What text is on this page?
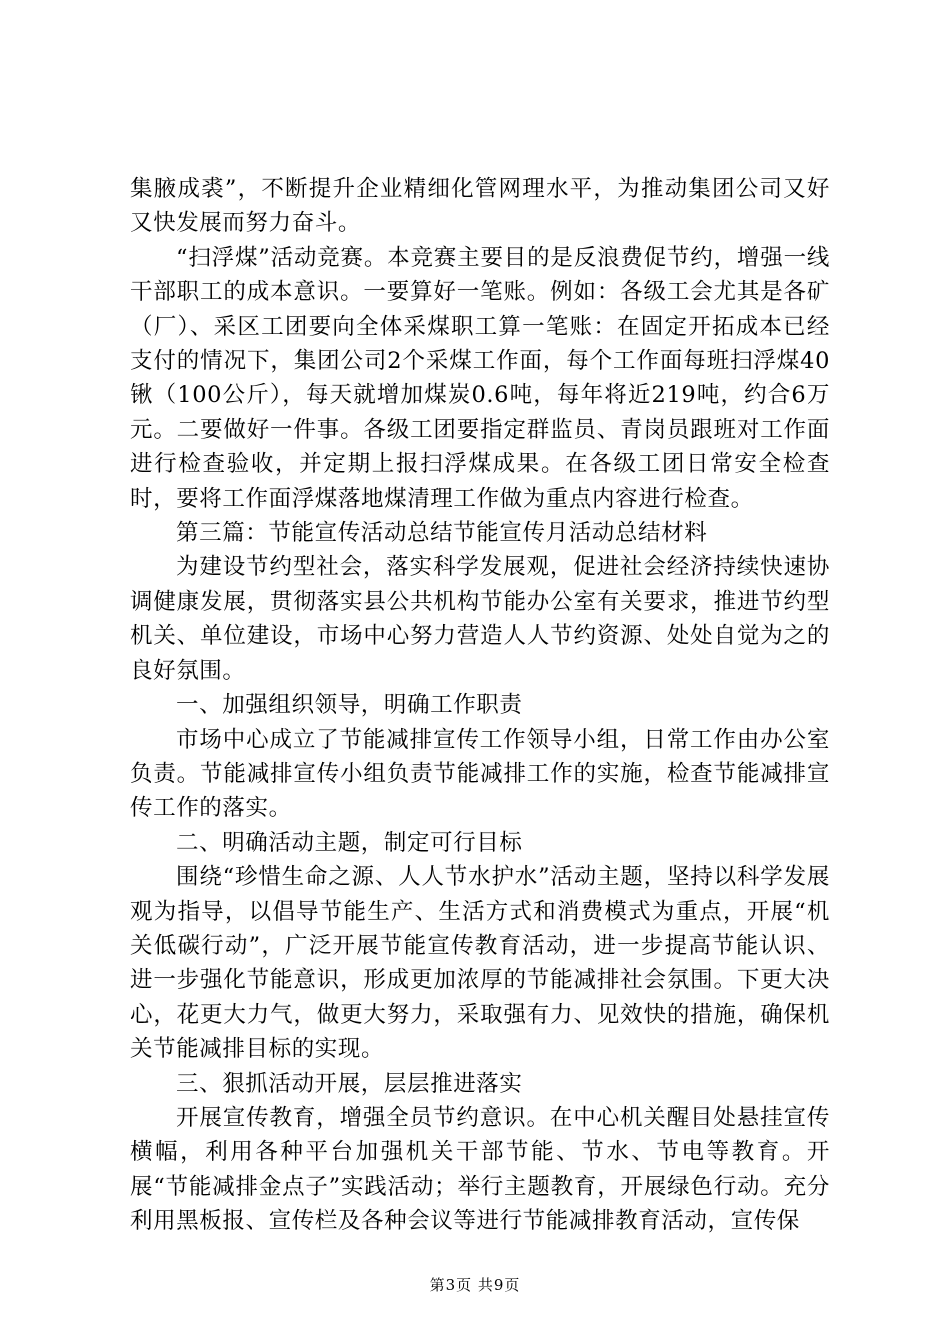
集腋成裘”，不断提升企业精细化管网理水平，为推动集团公司又好又快发展而努力奋斗。

“扫浮煤”活动竞赛。本竞赛主要目的是反浪费促节约，增强一线干部职工的成本意识。一要算好一笔账。例如：各级工会尤其是各矿（厂）、采区工团要向全体采煤职工算一笔账：在固定开拓成本已经支付的情况下，集团公司2个采煤工作面，每个工作面每班扫浮煤40锹（100公斤），每天就增加煤炭0.6吨，每年将近219吨，约合6万元。二要做好一件事。各级工团要指定群监员、青岗员跟班对工作面进行检查验收，并定期上报扫浮煤成果。在各级工团日常安全检查时，要将工作面浮煤落地煤清理工作做为重点内容进行检查。

第三篇：节能宣传活动总结节能宣传月活动总结材料

为建设节约型社会，落实科学发展观，促进社会经济持续快速协调健康发展，贯彻落实县公共机构节能办公室有关要求，推进节约型机关、单位建设，市场中心努力营造人人节约资源、处处自觉为之的良好氛围。

一、加强组织领导，明确工作职责

市场中心成立了节能减排宣传工作领导小组，日常工作由办公室负责。节能减排宣传小组负责节能减排工作的实施，检查节能减排宣传工作的落实。

二、明确活动主题，制定可行目标

围绕“珍惜生命之源、人人节水护水”活动主题，坚持以科学发展观为指导，以倡导节能生产、生活方式和消费模式为重点，开展“机关低碳行动”，广泛开展节能宣传教育活动，进一步提高节能认识、进一步强化节能意识，形成更加浓厚的节能减排社会氛围。下更大决心，花更大力气，做更大努力，采取强有力、见效快的措施，确保机关节能减排目标的实现。

三、狠抓活动开展，层层推进落实

开展宣传教育，增强全员节约意识。在中心机关醒目处悬挂宣传横幅，利用各种平台加强机关干部节能、节水、节电等教育。开展“节能减排金点子”实践活动；举行主题教育，开展绿色行动。充分利用黑板报、宣传栏及各种会议等进行节能减排教育活动，宣传保

第3页 共9页
